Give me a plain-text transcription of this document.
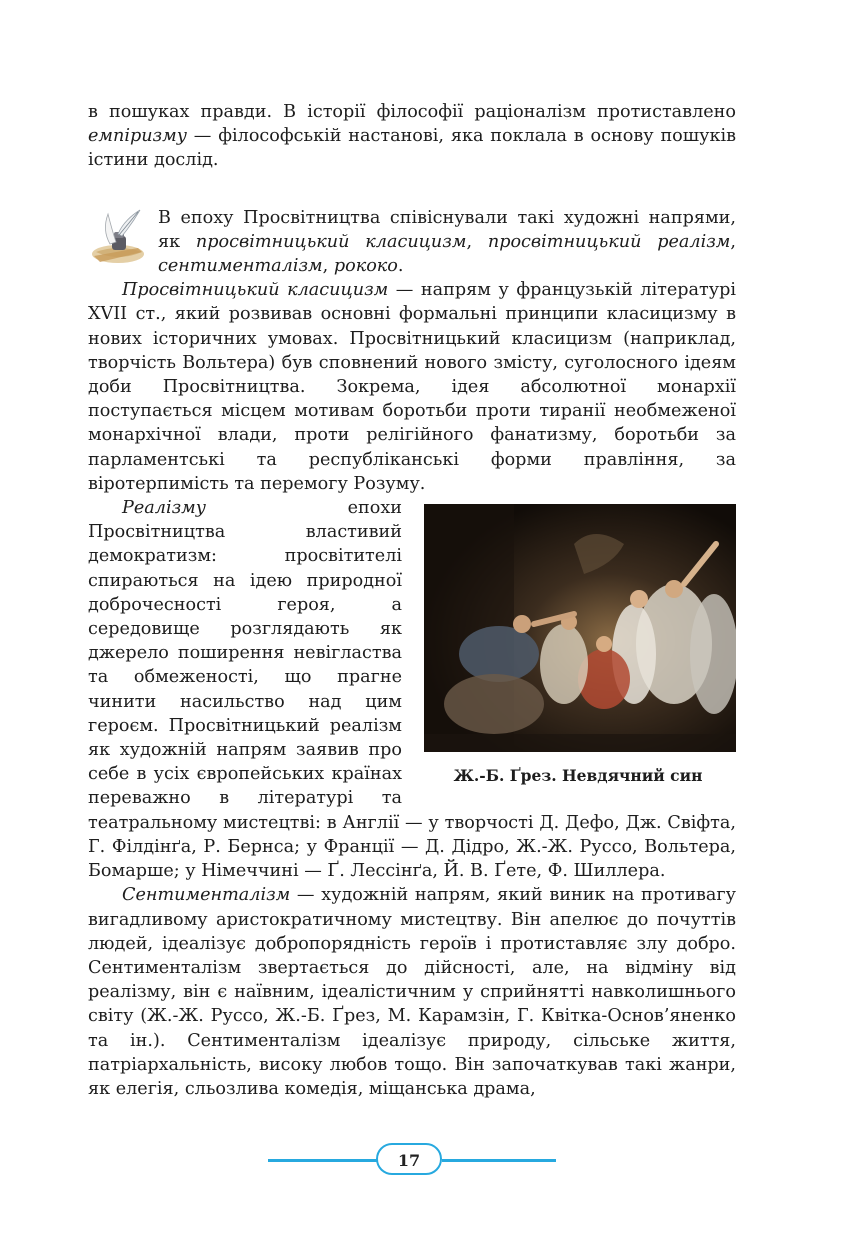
в пошуках правди. В історії філософії раціоналізм протиставлено емпіризму — філософській настанові, яка поклала в основу пошуків істини дослід.

В епоху Просвітництва співіснували такі художні напрями, як просвітницький класицизм, просвітницький реалізм, сентименталізм, рококо.

Просвітницький класицизм — напрям у французькій літературі XVII ст., який розвивав основні формальні принципи класицизму в нових історичних умовах. Просвітницький класицизм (наприклад, творчість Вольтера) був сповнений нового змісту, суголосного ідеям доби Просвітництва. Зокрема, ідея абсолютної монархії поступається місцем мотивам боротьби проти тиранії необмеженої монархічної влади, проти релігійного фанатизму, боротьби за парламентські та республіканські форми правління, за віротерпимість та перемогу Розуму.

Ж.-Б. Ґрез. Невдячний син

Реалізму епохи Просвітництва властивий демократизм: просвітителі спираються на ідею природної доброчесності героя, а середовище розглядають як джерело поширення невігластва та обмеженості, що прагне чинити насильство над цим героєм. Просвітницький реалізм як художній напрям заявив про себе в усіх європейських країнах переважно в літературі та театральному мистецтві: в Англії — у творчості Д. Дефо, Дж. Свіфта, Г. Філдінґа, Р. Бернса; у Франції — Д. Дідро, Ж.-Ж. Руссо, Вольтера, Бомарше; у Німеччині — Ґ. Лессінґа, Й. В. Ґете, Ф. Шиллера.

Сентименталізм — художній напрям, який виник на противагу вигадливому аристократичному мистецтву. Він апелює до почуттів людей, ідеалізує добропорядність героїв і протиставляє злу добро. Сентименталізм звертається до дійсності, але, на відміну від реалізму, він є наївним, ідеалістичним у сприйнятті навколишнього світу (Ж.-Ж. Руссо, Ж.-Б. Ґрез, М. Карамзін, Г. Квітка-Основ’яненко та ін.). Сентименталізм ідеалізує природу, сільське життя, патріархальність, високу любов тощо. Він започаткував такі жанри, як елегія, сльозлива комедія, міщанська драма,

17
